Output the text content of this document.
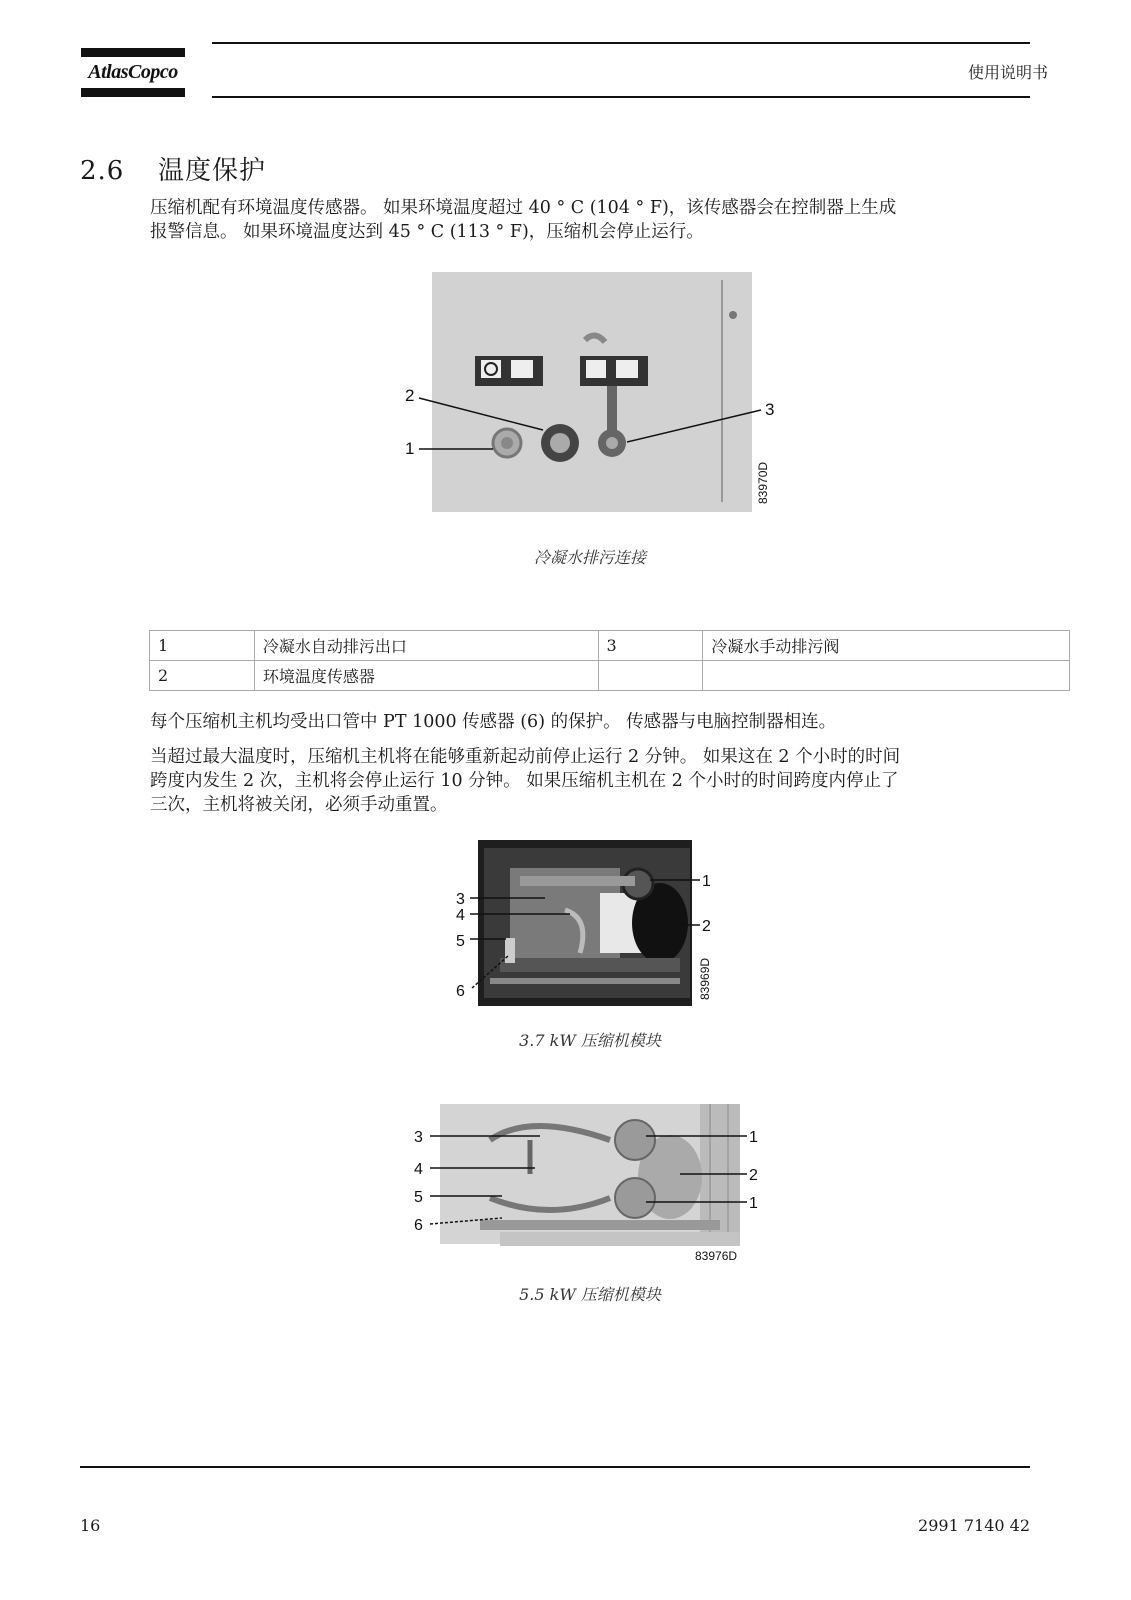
AtlasCopco	使用说明书
2.6 温度保护
压缩机配有环境温度传感器。 如果环境温度超过 40 ° C (104 ° F)，该传感器会在控制器上生成
报警信息。 如果环境温度达到 45 ° C (113 ° F)，压缩机会停止运行。
2
1
3
83970D
冷凝水排污连接
1	冷凝水自动排污出口	3	冷凝水手动排污阀
2	环境温度传感器		
每个压缩机主机均受出口管中 PT 1000 传感器 (6) 的保护。 传感器与电脑控制器相连。
当超过最大温度时，压缩机主机将在能够重新起动前停止运行 2 分钟。 如果这在 2 个小时的时间
跨度内发生 2 次，主机将会停止运行 10 分钟。 如果压缩机主机在 2 个小时的时间跨度内停止了
三次，主机将被关闭，必须手动重置。
3
4
5
6
1
2
83969D
3.7 kW 压缩机模块
3
4
5
6
1
2
1
83976D
5.5 kW 压缩机模块
16	2991 7140 42
